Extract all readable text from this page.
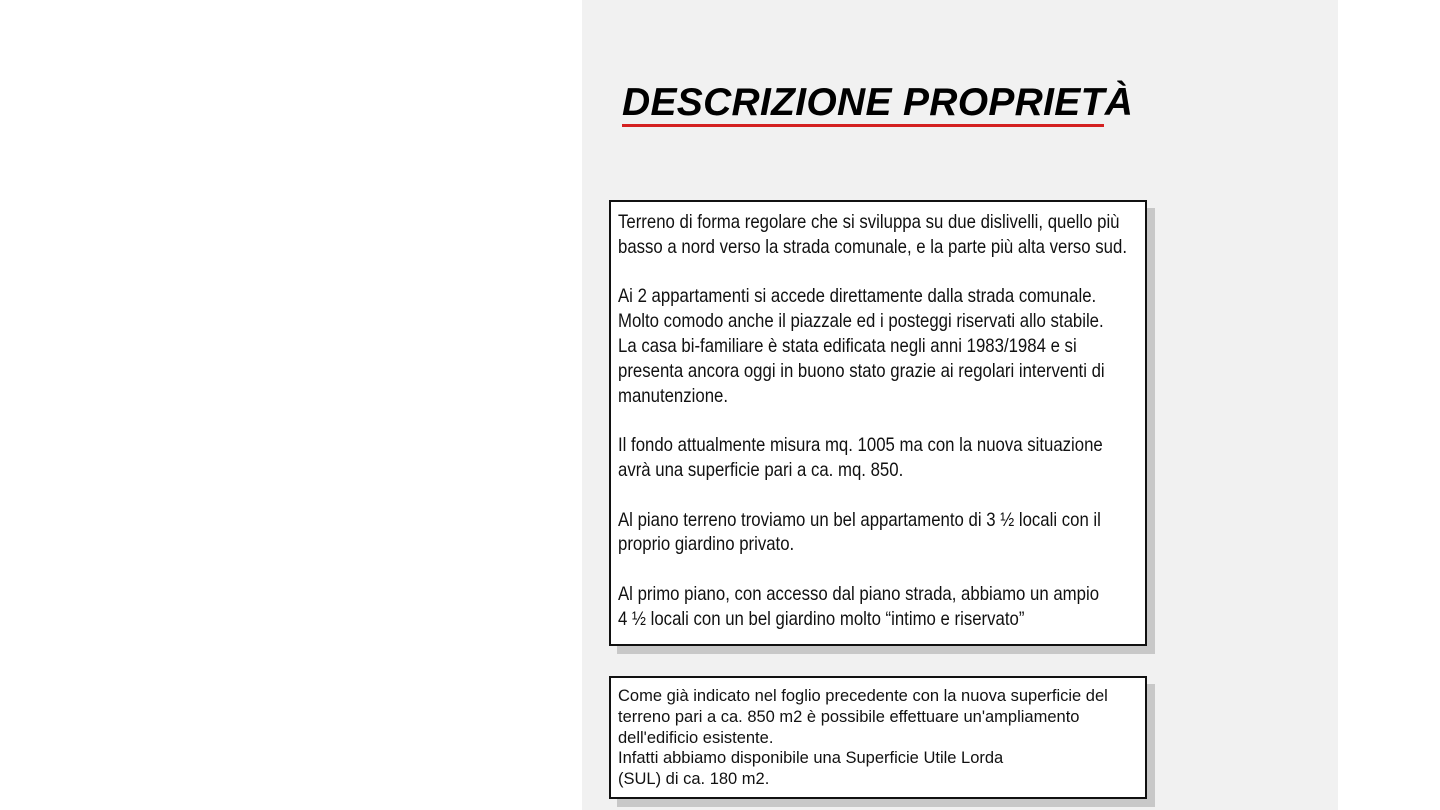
DESCRIZIONE PROPRIETÀ

Terreno di forma regolare che si sviluppa su due dislivelli, quello più
basso a nord verso la strada comunale, e la parte più alta verso sud.

Ai 2 appartamenti si accede direttamente dalla strada comunale.
Molto comodo anche il piazzale ed i posteggi riservati allo stabile.
La casa bi-familiare è stata edificata negli anni 1983/1984 e si
presenta ancora oggi in buono stato grazie ai regolari interventi di
manutenzione.

Il fondo attualmente misura mq. 1005 ma con la nuova situazione
avrà una superficie pari a ca. mq. 850.

Al piano terreno troviamo un bel appartamento di 3 ½ locali con il
proprio giardino privato.

Al primo piano, con accesso dal piano strada, abbiamo un ampio
4 ½ locali con un bel giardino molto “intimo e riservato”

Come già indicato nel foglio precedente con la nuova superficie del
terreno pari a ca. 850 m2 è possibile effettuare un'ampliamento
dell'edificio esistente.
Infatti abbiamo disponibile una Superficie Utile Lorda
(SUL) di ca. 180 m2.
